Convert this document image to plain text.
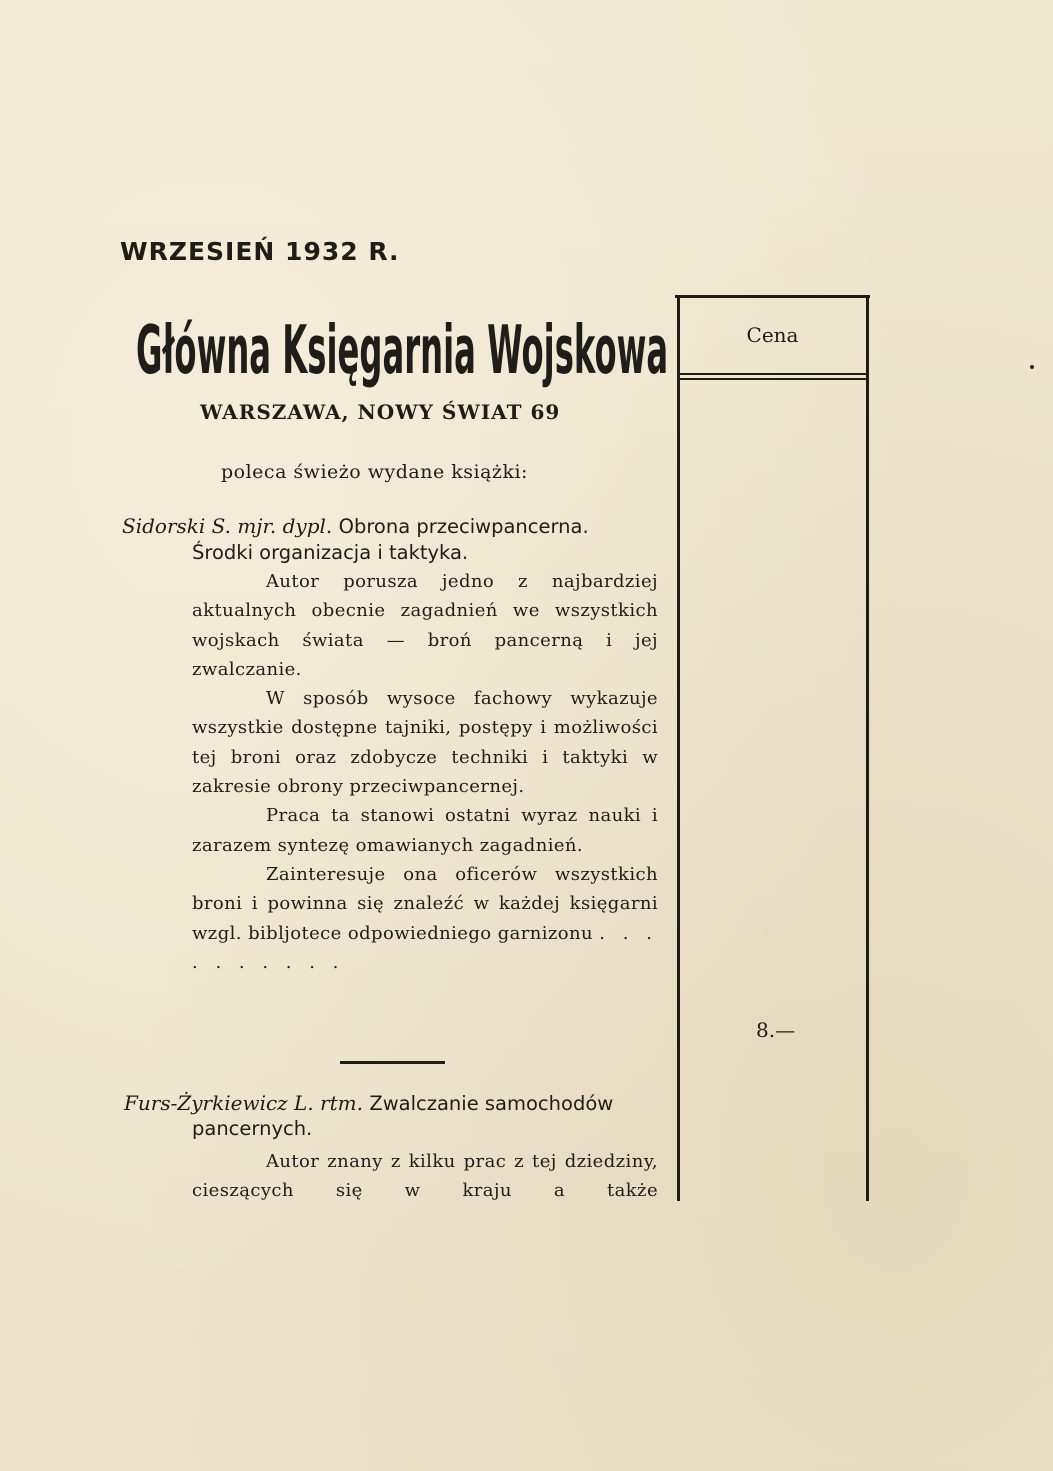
WRZESIEŃ 1932 R.
Główna Księgarnia Wojskowa
WARSZAWA, NOWY ŚWIAT 69
poleca świeżo wydane książki:
Sidorski S. mjr. dypl. Obrona przeciwpancerna.
Środki organizacja i taktyka.

Autor porusza jedno z najbardziej aktualnych obecnie zagadnień we wszystkich wojskach świata — broń pancerną i jej zwalczanie.

W sposób wysoce fachowy wykazuje wszystkie dostępne tajniki, postępy i możliwości tej broni oraz zdobycze techniki i taktyki w zakresie obrony przeciwpancernej.

Praca ta stanowi ostatni wyraz nauki i zarazem syntezę omawianych zagadnień.

Zainteresuje ona oficerów wszystkich broni i powinna się znaleźć w każdej księgarni wzgl. bibljotece odpowiedniego garnizonu . . . . . . . . . .

Furs-Żyrkiewicz L. rtm. Zwalczanie samochodów
pancernych.

Autor znany z kilku prac z tej dziedziny, cieszących się w kraju a także

Cena
8.—
